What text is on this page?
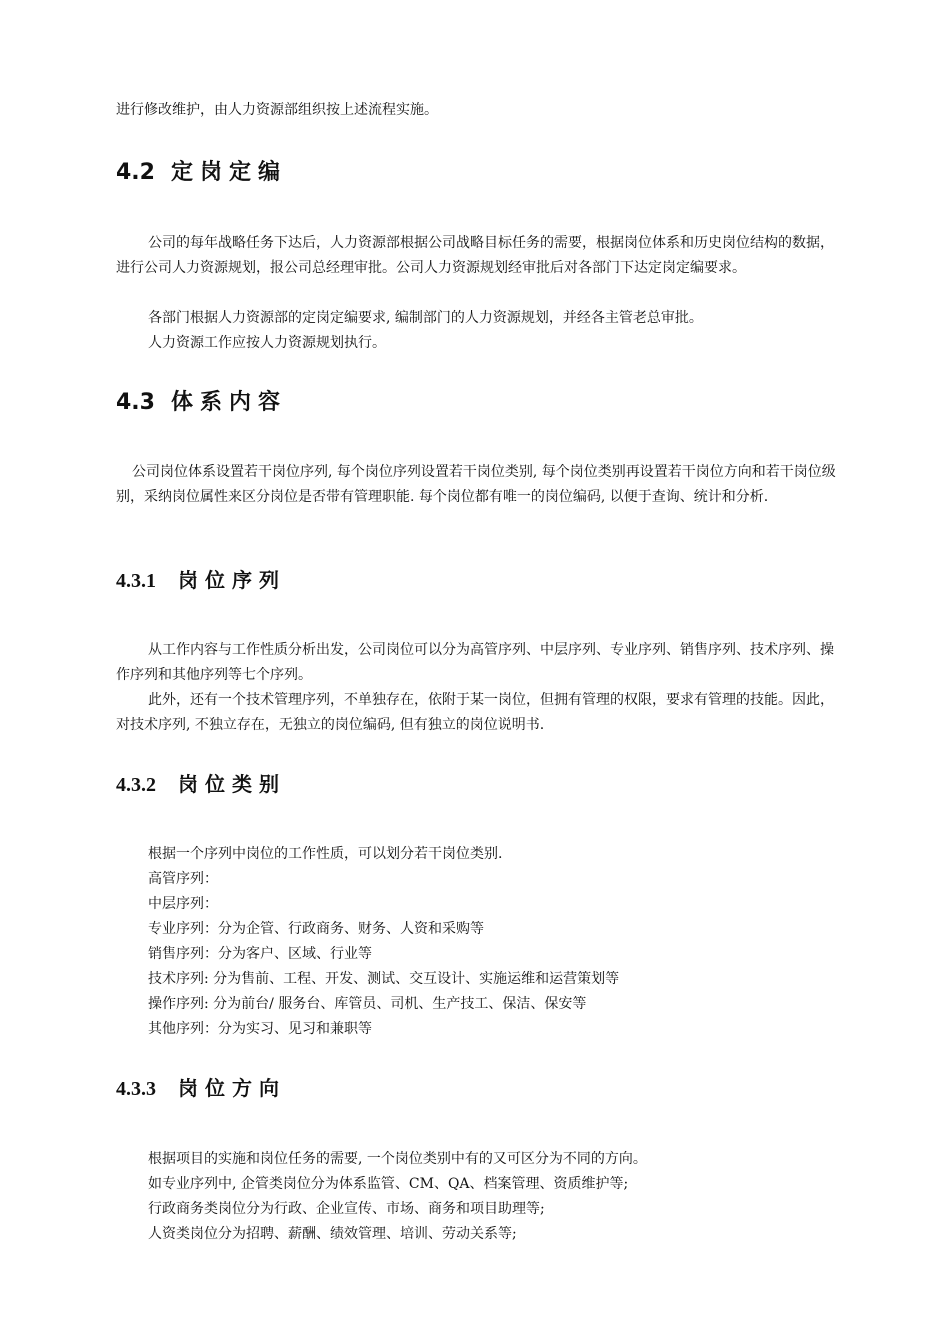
进行修改维护，由人力资源部组织按上述流程实施。

4.2 定岗定编

公司的每年战略任务下达后，人力资源部根据公司战略目标任务的需要，根据岗位体系和历史岗位结构的数据，进行公司人力资源规划，报公司总经理审批。公司人力资源规划经审批后对各部门下达定岗定编要求。

各部门根据人力资源部的定岗定编要求, 编制部门的人力资源规划，并经各主管老总审批。

人力资源工作应按人力资源规划执行。

4.3 体系内容

公司岗位体系设置若干岗位序列, 每个岗位序列设置若干岗位类别, 每个岗位类别再设置若干岗位方向和若干岗位级别，采纳岗位属性来区分岗位是否带有管理职能. 每个岗位都有唯一的岗位编码, 以便于查询、统计和分析.

4.3.1 岗位序列

从工作内容与工作性质分析出发，公司岗位可以分为高管序列、中层序列、专业序列、销售序列、技术序列、操作序列和其他序列等七个序列。

此外，还有一个技术管理序列，不单独存在，依附于某一岗位，但拥有管理的权限，要求有管理的技能。因此，对技术序列, 不独立存在，无独立的岗位编码, 但有独立的岗位说明书.

4.3.2 岗位类别

根据一个序列中岗位的工作性质，可以划分若干岗位类别.

高管序列：

中层序列：

专业序列：分为企管、行政商务、财务、人资和采购等

销售序列：分为客户、区域、行业等

技术序列: 分为售前、工程、开发、测试、交互设计、实施运维和运营策划等

操作序列: 分为前台/ 服务台、库管员、司机、生产技工、保洁、保安等

其他序列：分为实习、见习和兼职等

4.3.3 岗位方向

根据项目的实施和岗位任务的需要, 一个岗位类别中有的又可区分为不同的方向。

如专业序列中, 企管类岗位分为体系监管、CM、QA、档案管理、资质维护等;

行政商务类岗位分为行政、企业宣传、市场、商务和项目助理等;

人资类岗位分为招聘、薪酬、绩效管理、培训、劳动关系等;
